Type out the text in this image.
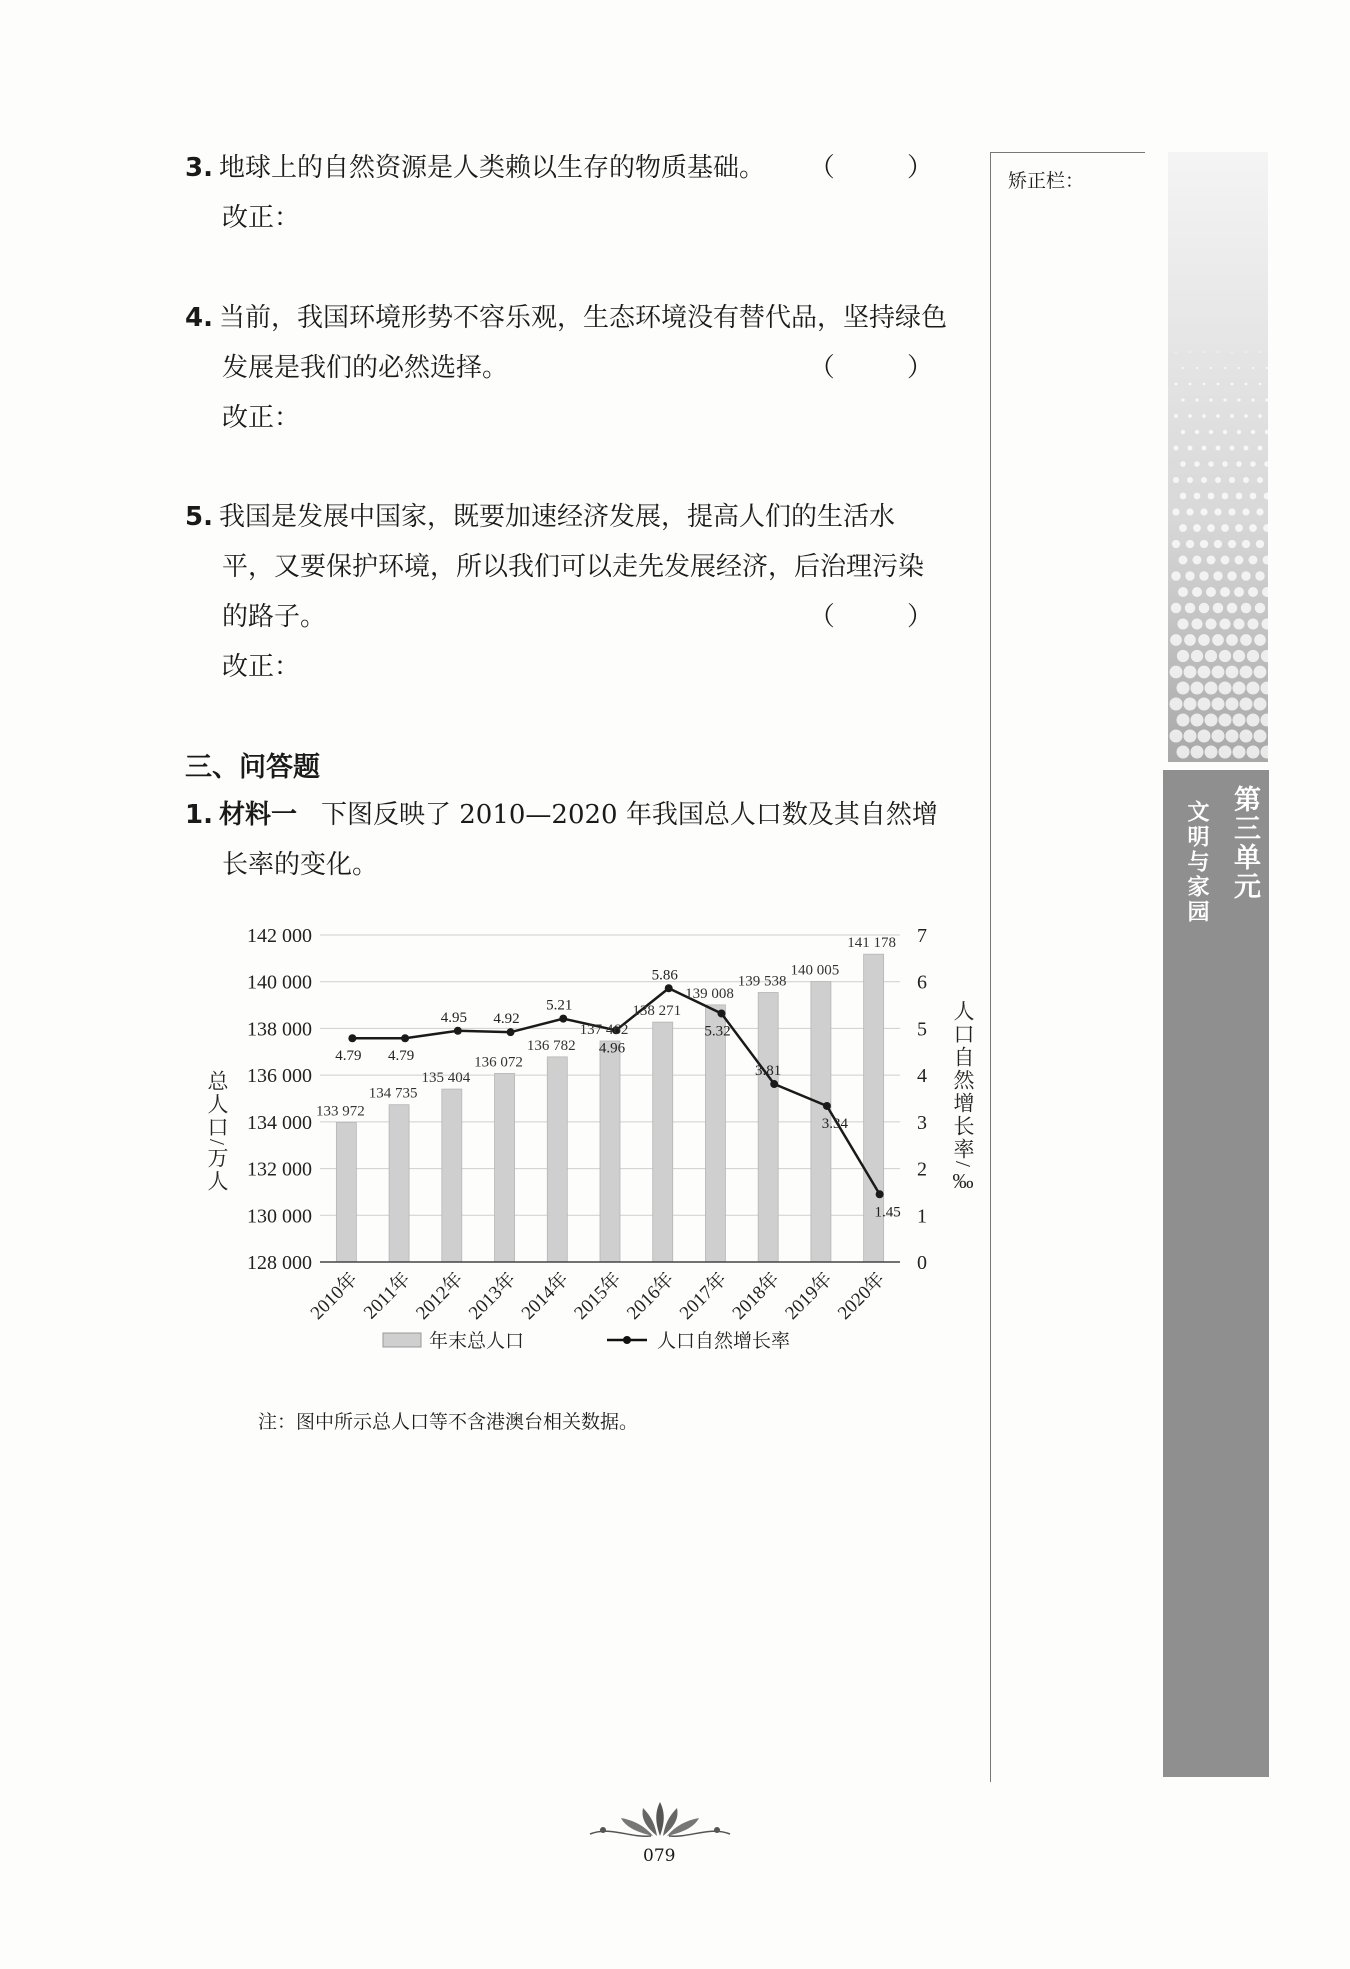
3. 地球上的自然资源是人类赖以生存的物质基础。 （ ）
改正：
4. 当前，我国环境形势不容乐观，生态环境没有替代品，坚持绿色
发展是我们的必然选择。	（ ）
改正：
5. 我国是发展中国家，既要加速经济发展，提高人们的生活水
平，又要保护环境，所以我们可以走先发展经济，后治理污染
的路子。	（ ）
改正：
三、问答题
1. 材料一 下图反映了 2010—2020 年我国总人口数及其自然增
长率的变化。
128 000
130 000
132 000
134 000
136 000
138 000
140 000
142 000
0
1
2
3
4
5
6
7
总人口/万人	人口自然增长率/‰
2010年
2011年
2012年
2013年
2014年
2015年
2016年
2017年
2018年
2019年
2020年
133 972
134 735
135 404
136 072
136 782
137 462
138 271
139 008
139 538
140 005
141 178
4.79 4.79
4.95 4.92
5.21
4.96
5.86
5.32
3.81
3.34
1.45
年末总人口	人口自然增长率
注：图中所示总人口等不含港澳台相关数据。
矫正栏：
第三单元
文明与家园
079
